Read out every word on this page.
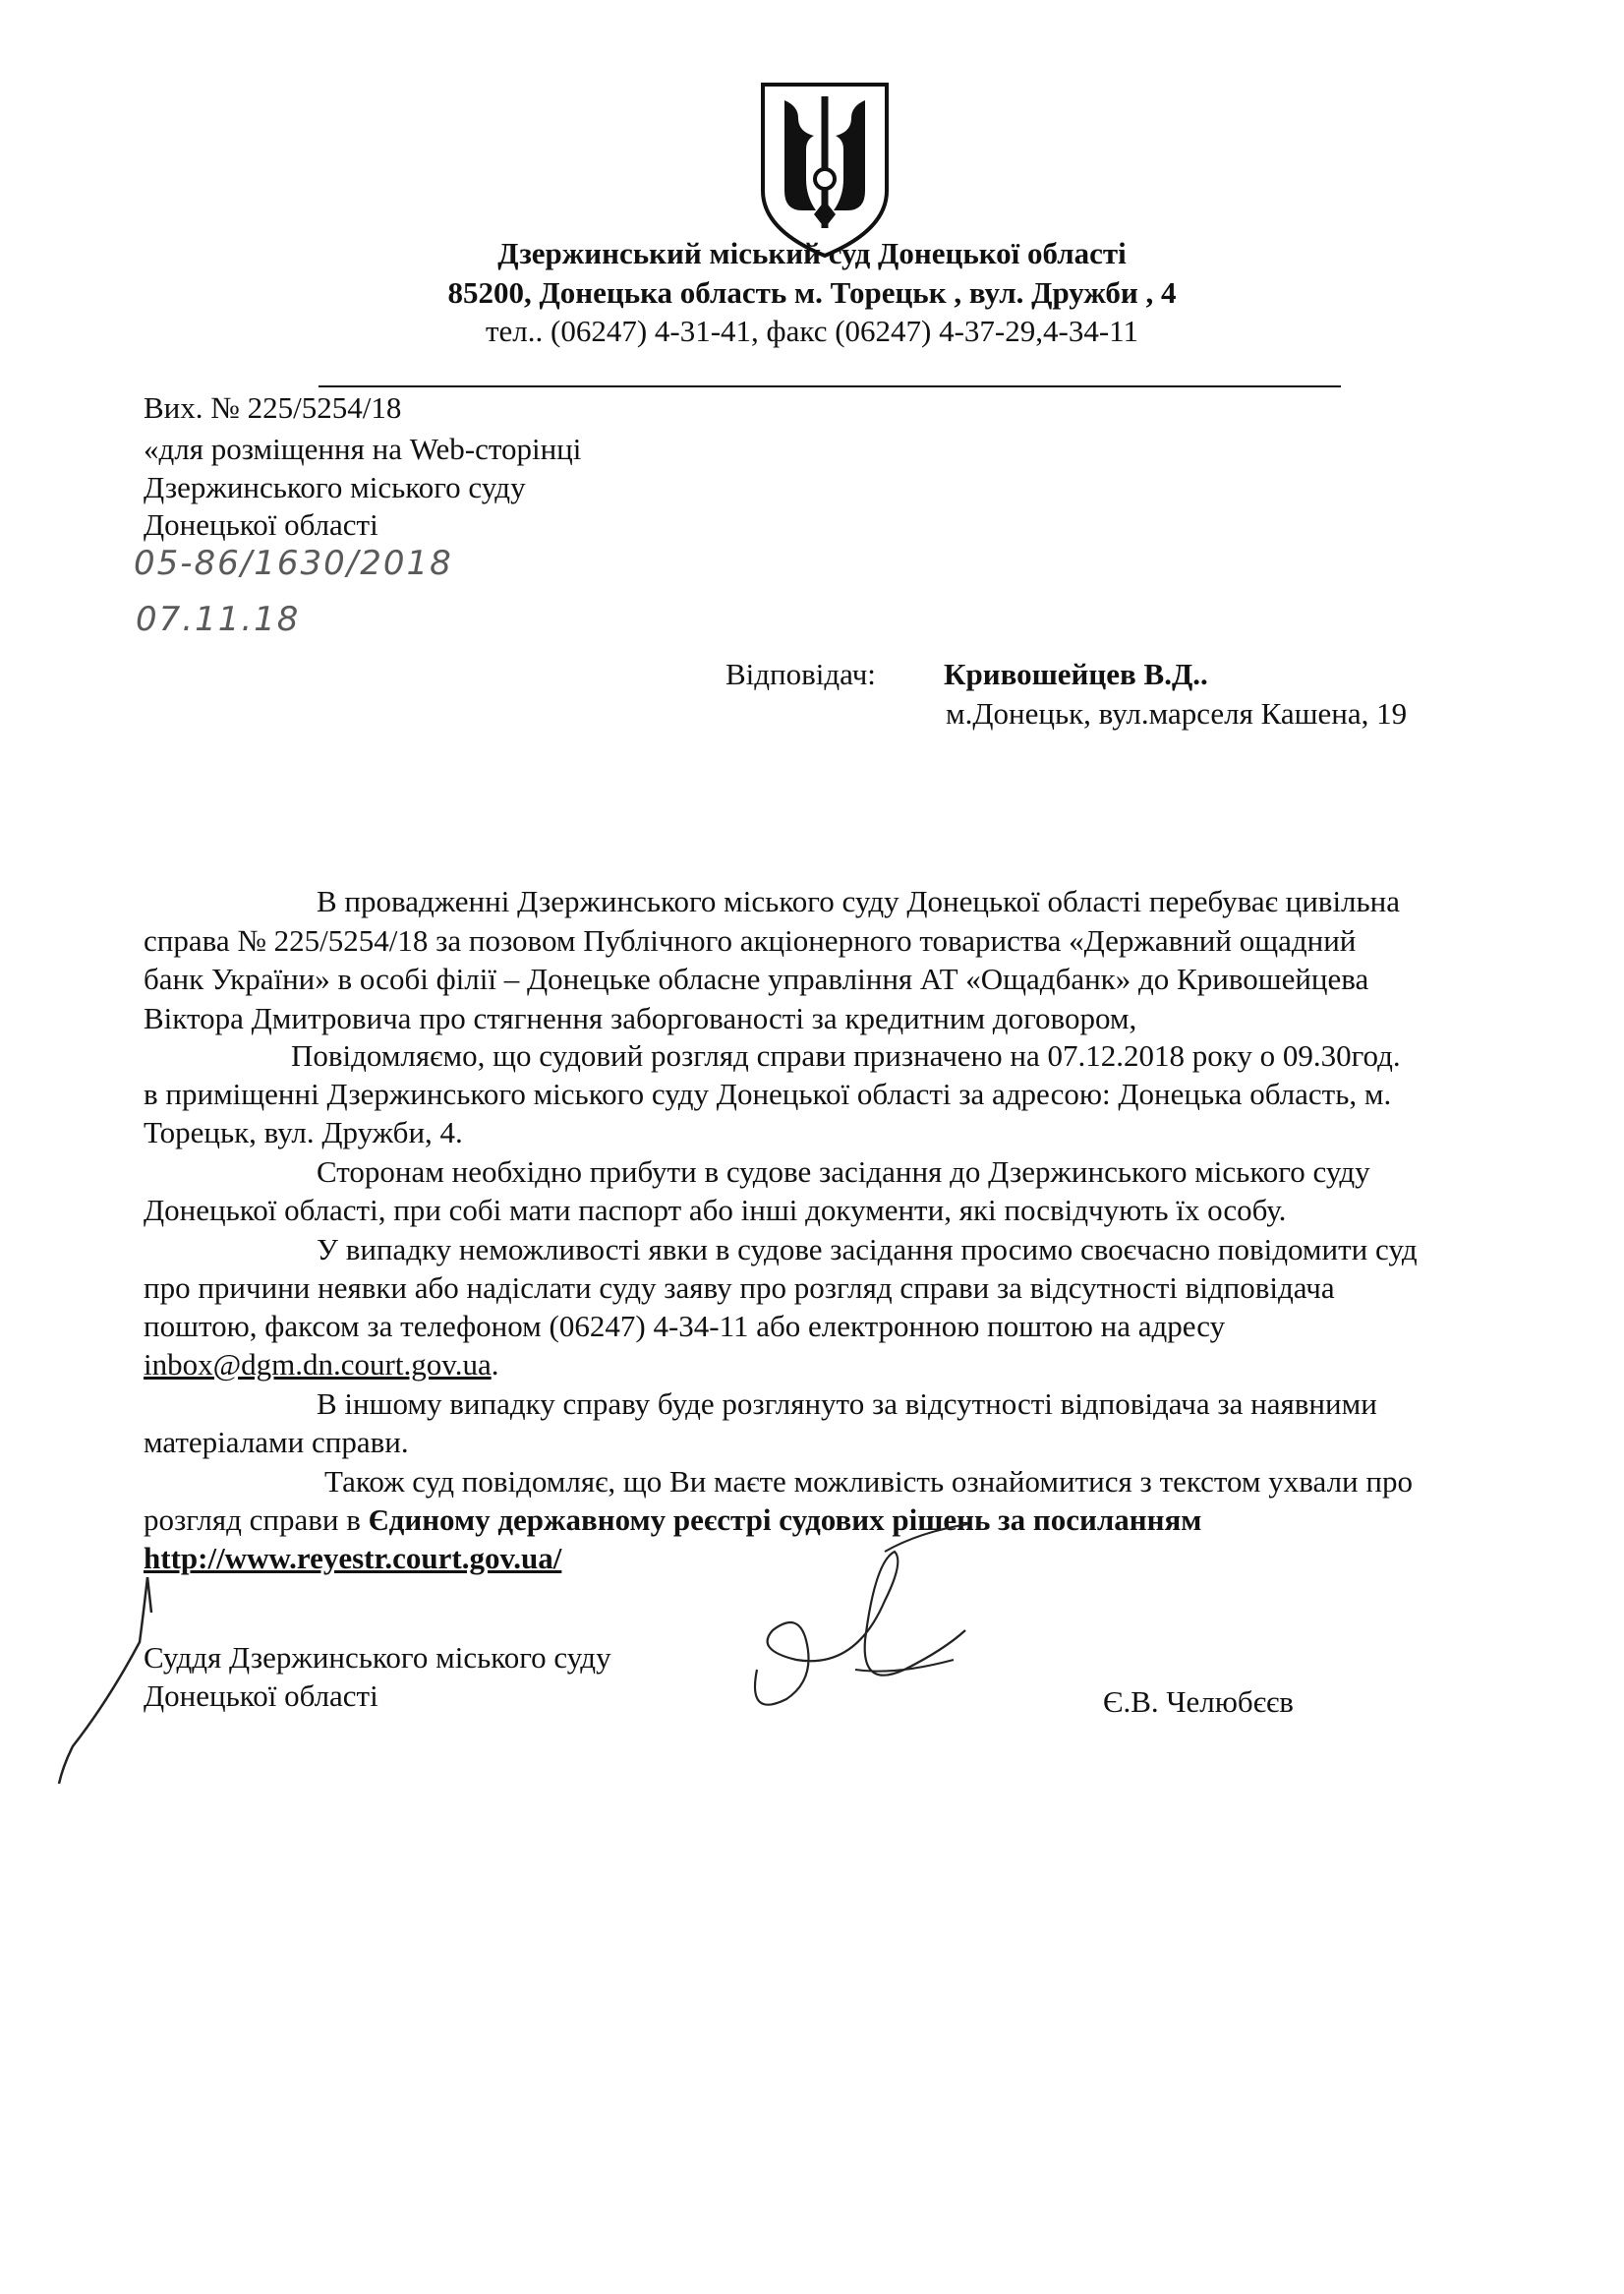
Дзержинський міський суд Донецької області
85200, Донецька область м. Торецьк , вул. Дружби , 4
тел.. (06247) 4-31-41, факс (06247) 4-37-29,4-34-11
Вих. № 225/5254/18
«для розміщення на Web-сторінці
Дзержинського міського суду
Донецької області
05-86/1630/2018
07.11.18
Відповідач: Кривошейцев В.Д..
м.Донецьк, вул.марселя Кашена, 19
В провадженні Дзержинського міського суду Донецької області перебуває цивільна
справа № 225/5254/18 за позовом Публічного акціонерного товариства «Державний ощадний
банк України» в особі філії – Донецьке обласне управління АТ «Ощадбанк» до Кривошейцева
Віктора Дмитровича про стягнення заборгованості за кредитним договором,
Повідомляємо, що судовий розгляд справи призначено на 07.12.2018 року о 09.30год.
в приміщенні Дзержинського міського суду Донецької області за адресою: Донецька область, м.
Торецьк, вул. Дружби, 4.
Сторонам необхідно прибути в судове засідання до Дзержинського міського суду
Донецької області, при собі мати паспорт або інші документи, які посвідчують їх особу.
У випадку неможливості явки в судове засідання просимо своєчасно повідомити суд
про причини неявки або надіслати суду заяву про розгляд справи за відсутності відповідача
поштою, факсом за телефоном (06247) 4-34-11 або електронною поштою на адресу
inbox@dgm.dn.court.gov.ua.
В іншому випадку справу буде розглянуто за відсутності відповідача за наявними
матеріалами справи.
Також суд повідомляє, що Ви маєте можливість ознайомитися з текстом ухвали про
розгляд справи в Єдиному державному реєстрі судових рішень за посиланням
http://www.reyestr.court.gov.ua/
Суддя Дзержинського міського суду
Донецької області	Є.В. Челюбєєв
